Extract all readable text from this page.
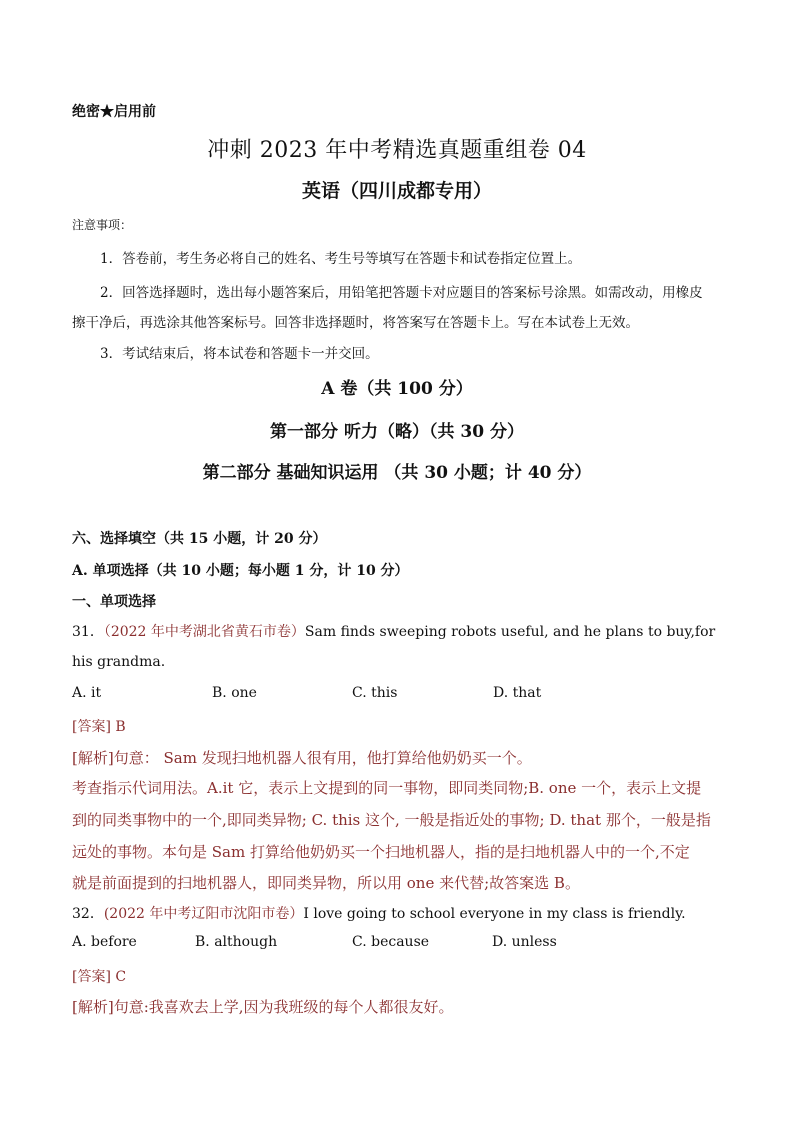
绝密★启用前
冲刺 2023 年中考精选真题重组卷 04
英语（四川成都专用）
注意事项：
1．答卷前，考生务必将自己的姓名、考生号等填写在答题卡和试卷指定位置上。
2．回答选择题时，选出每小题答案后，用铅笔把答题卡对应题目的答案标号涂黑。如需改动，用橡皮
擦干净后，再选涂其他答案标号。回答非选择题时，将答案写在答题卡上。写在本试卷上无效。
3．考试结束后，将本试卷和答题卡一并交回。
A 卷（共 100 分）
第一部分 听力（略）（共 30 分）
第二部分 基础知识运用 （共 30 小题；计 40 分）
六、选择填空（共 15 小题，计 20 分）
A. 单项选择（共 10 小题；每小题 1 分，计 10 分）
一、单项选择
31．（2022 年中考湖北省黄石市卷）Sam finds sweeping robots useful, and he plans to buy,for
his grandma.
A. it	B. one	C. this	D. that
[答案] B
[解析]句意： Sam 发现扫地机器人很有用，他打算给他奶奶买一个。
考查指示代词用法。A.it 它，表示上文提到的同一事物，即同类同物;B. one 一个，表示上文提
到的同类事物中的一个,即同类异物; C. this 这个, 一般是指近处的事物; D. that 那个，一般是指
远处的事物。本句是 Sam 打算给他奶奶买一个扫地机器人，指的是扫地机器人中的一个,不定
就是前面提到的扫地机器人，即同类异物，所以用 one 来代替;故答案选 B。
32．(2022 年中考辽阳市沈阳市卷）I love going to school everyone in my class is friendly.
A. before	B. although	C. because	D. unless
[答案] C
[解析]句意:我喜欢去上学,因为我班级的每个人都很友好。
